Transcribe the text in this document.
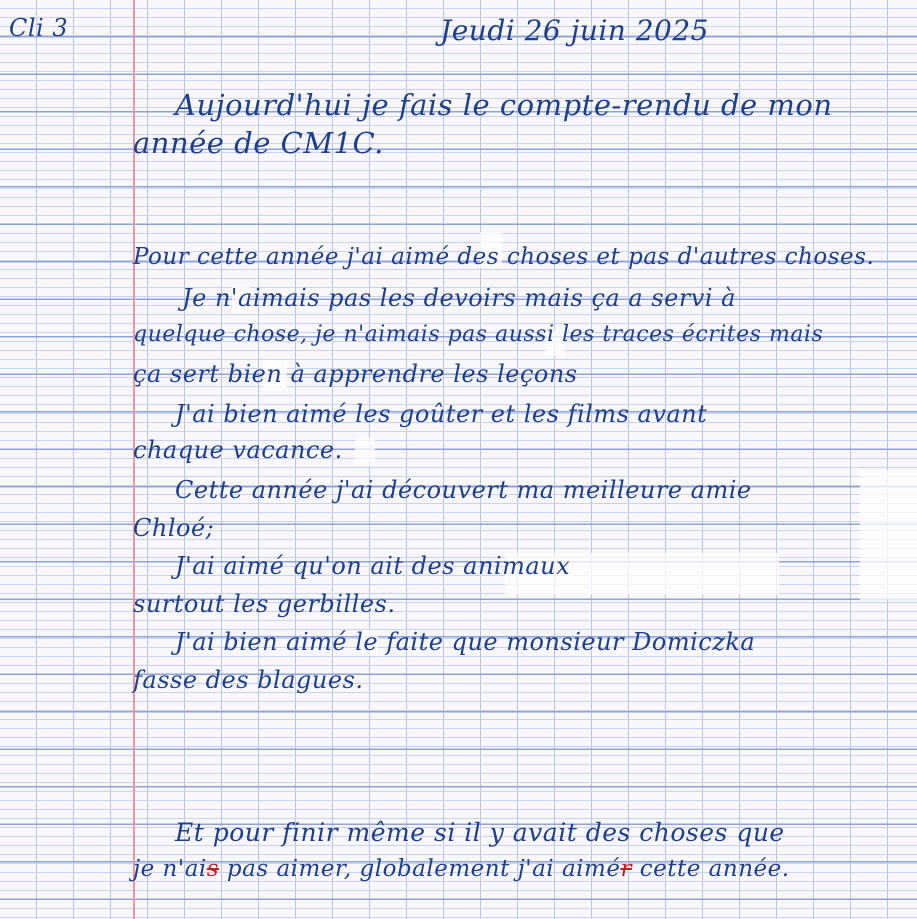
Cli 3	Jeudi 26 juin 2025
Aujourd'hui je fais le compte-rendu de mon
année de CM1C.
Pour cette année j'ai aimé des choses et pas d'autres choses.
Je n'aimais pas les devoirs mais ça a servi à
quelque chose, je n'aimais pas aussi les traces écrites mais
ça sert bien à apprendre les leçons
J'ai bien aimé les goûter et les films avant
chaque vacance.
Cette année j'ai découvert ma meilleure amie
Chloé;
J'ai aimé qu'on ait des animaux
surtout les gerbilles.
J'ai bien aimé le faite que monsieur Domiczka
fasse des blagues.
Et pour finir même si il y avait des choses que
je n'ais pas aimer, globalement j'ai aimér cette année.
